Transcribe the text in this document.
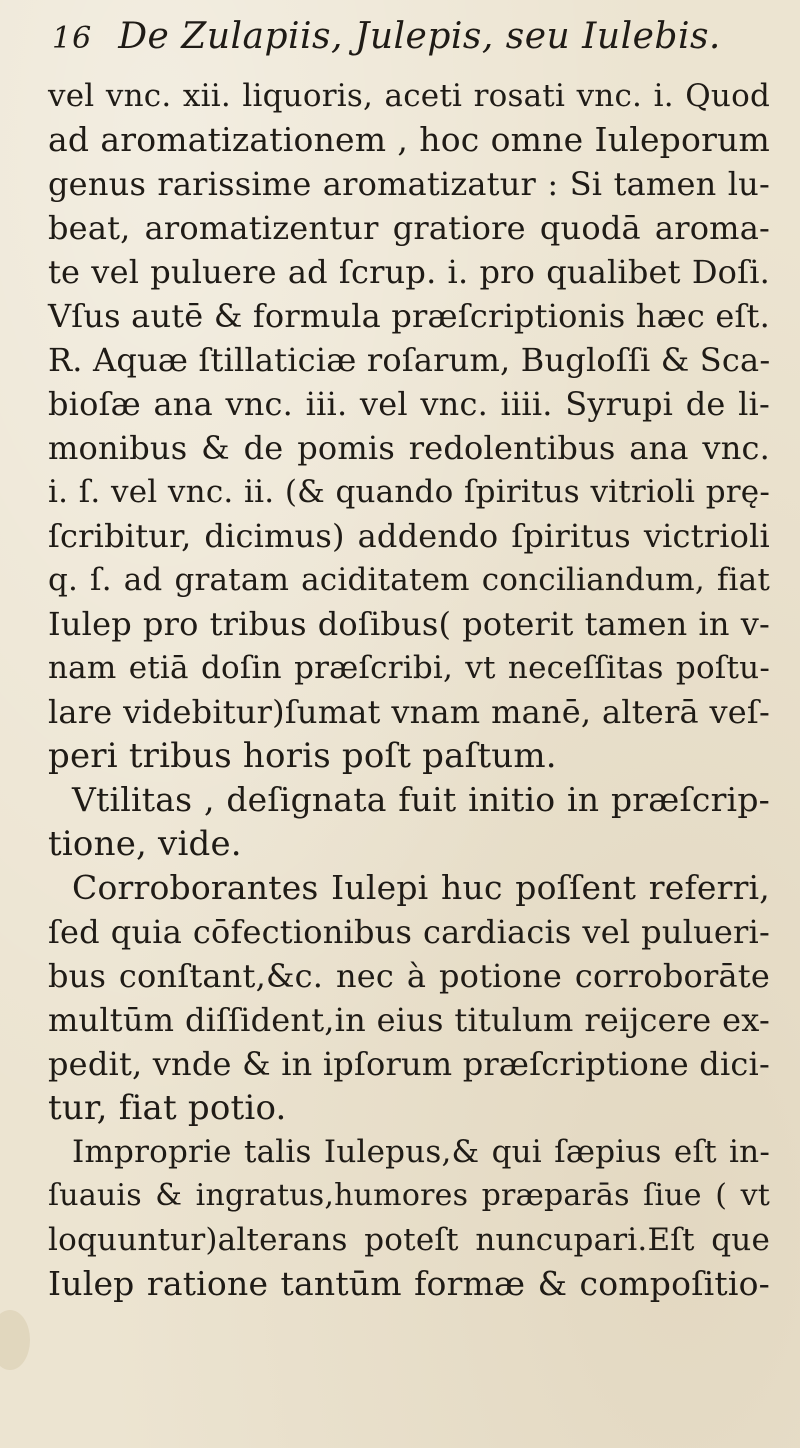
16 De Zulapiis, Julepis, seu Iulebis.
vel vnc. xii. liquoris, aceti rosati vnc. i. Quod
ad aromatizationem , hoc omne Iuleporum
genus rarissime aromatizatur : Si tamen lu-
beat, aromatizentur gratiore quodā aroma-
te vel puluere ad ſcrup. i. pro qualibet Doſi.
Vſus autē & formula præſcriptionis hæc eſt.
R. Aquæ ſtillaticiæ roſarum, Bugloſſi & Sca-
bioſæ ana vnc. iii. vel vnc. iiii. Syrupi de li-
monibus & de pomis redolentibus ana vnc.
i. ſ. vel vnc. ii. (& quando ſpiritus vitrioli prę-
ſcribitur, dicimus) addendo ſpiritus victrioli
q. ſ. ad gratam aciditatem conciliandum, fiat
Iulep pro tribus doſibus( poterit tamen in v-
nam etiā doſin præſcribi, vt neceſſitas poſtu-
lare videbitur)ſumat vnam manē, alterā veſ-
peri tribus horis poſt paſtum.
Vtilitas , deſignata fuit initio in præſcrip-
tione, vide.
Corroborantes Iulepi huc poſſent referri,
ſed quia cōfectionibus cardiacis vel pulueri-
bus conſtant,&c. nec à potione corroborāte
multūm diſſident,in eius titulum reijcere ex-
pedit, vnde & in ipſorum præſcriptione dici-
tur, fiat potio.
Improprie talis Iulepus,& qui ſæpius eſt in-
ſuauis & ingratus,humores præparās ſiue ( vt
loquuntur)alterans poteſt nuncupari.Eſt que
Iulep ratione tantūm formæ & compoſitio-
